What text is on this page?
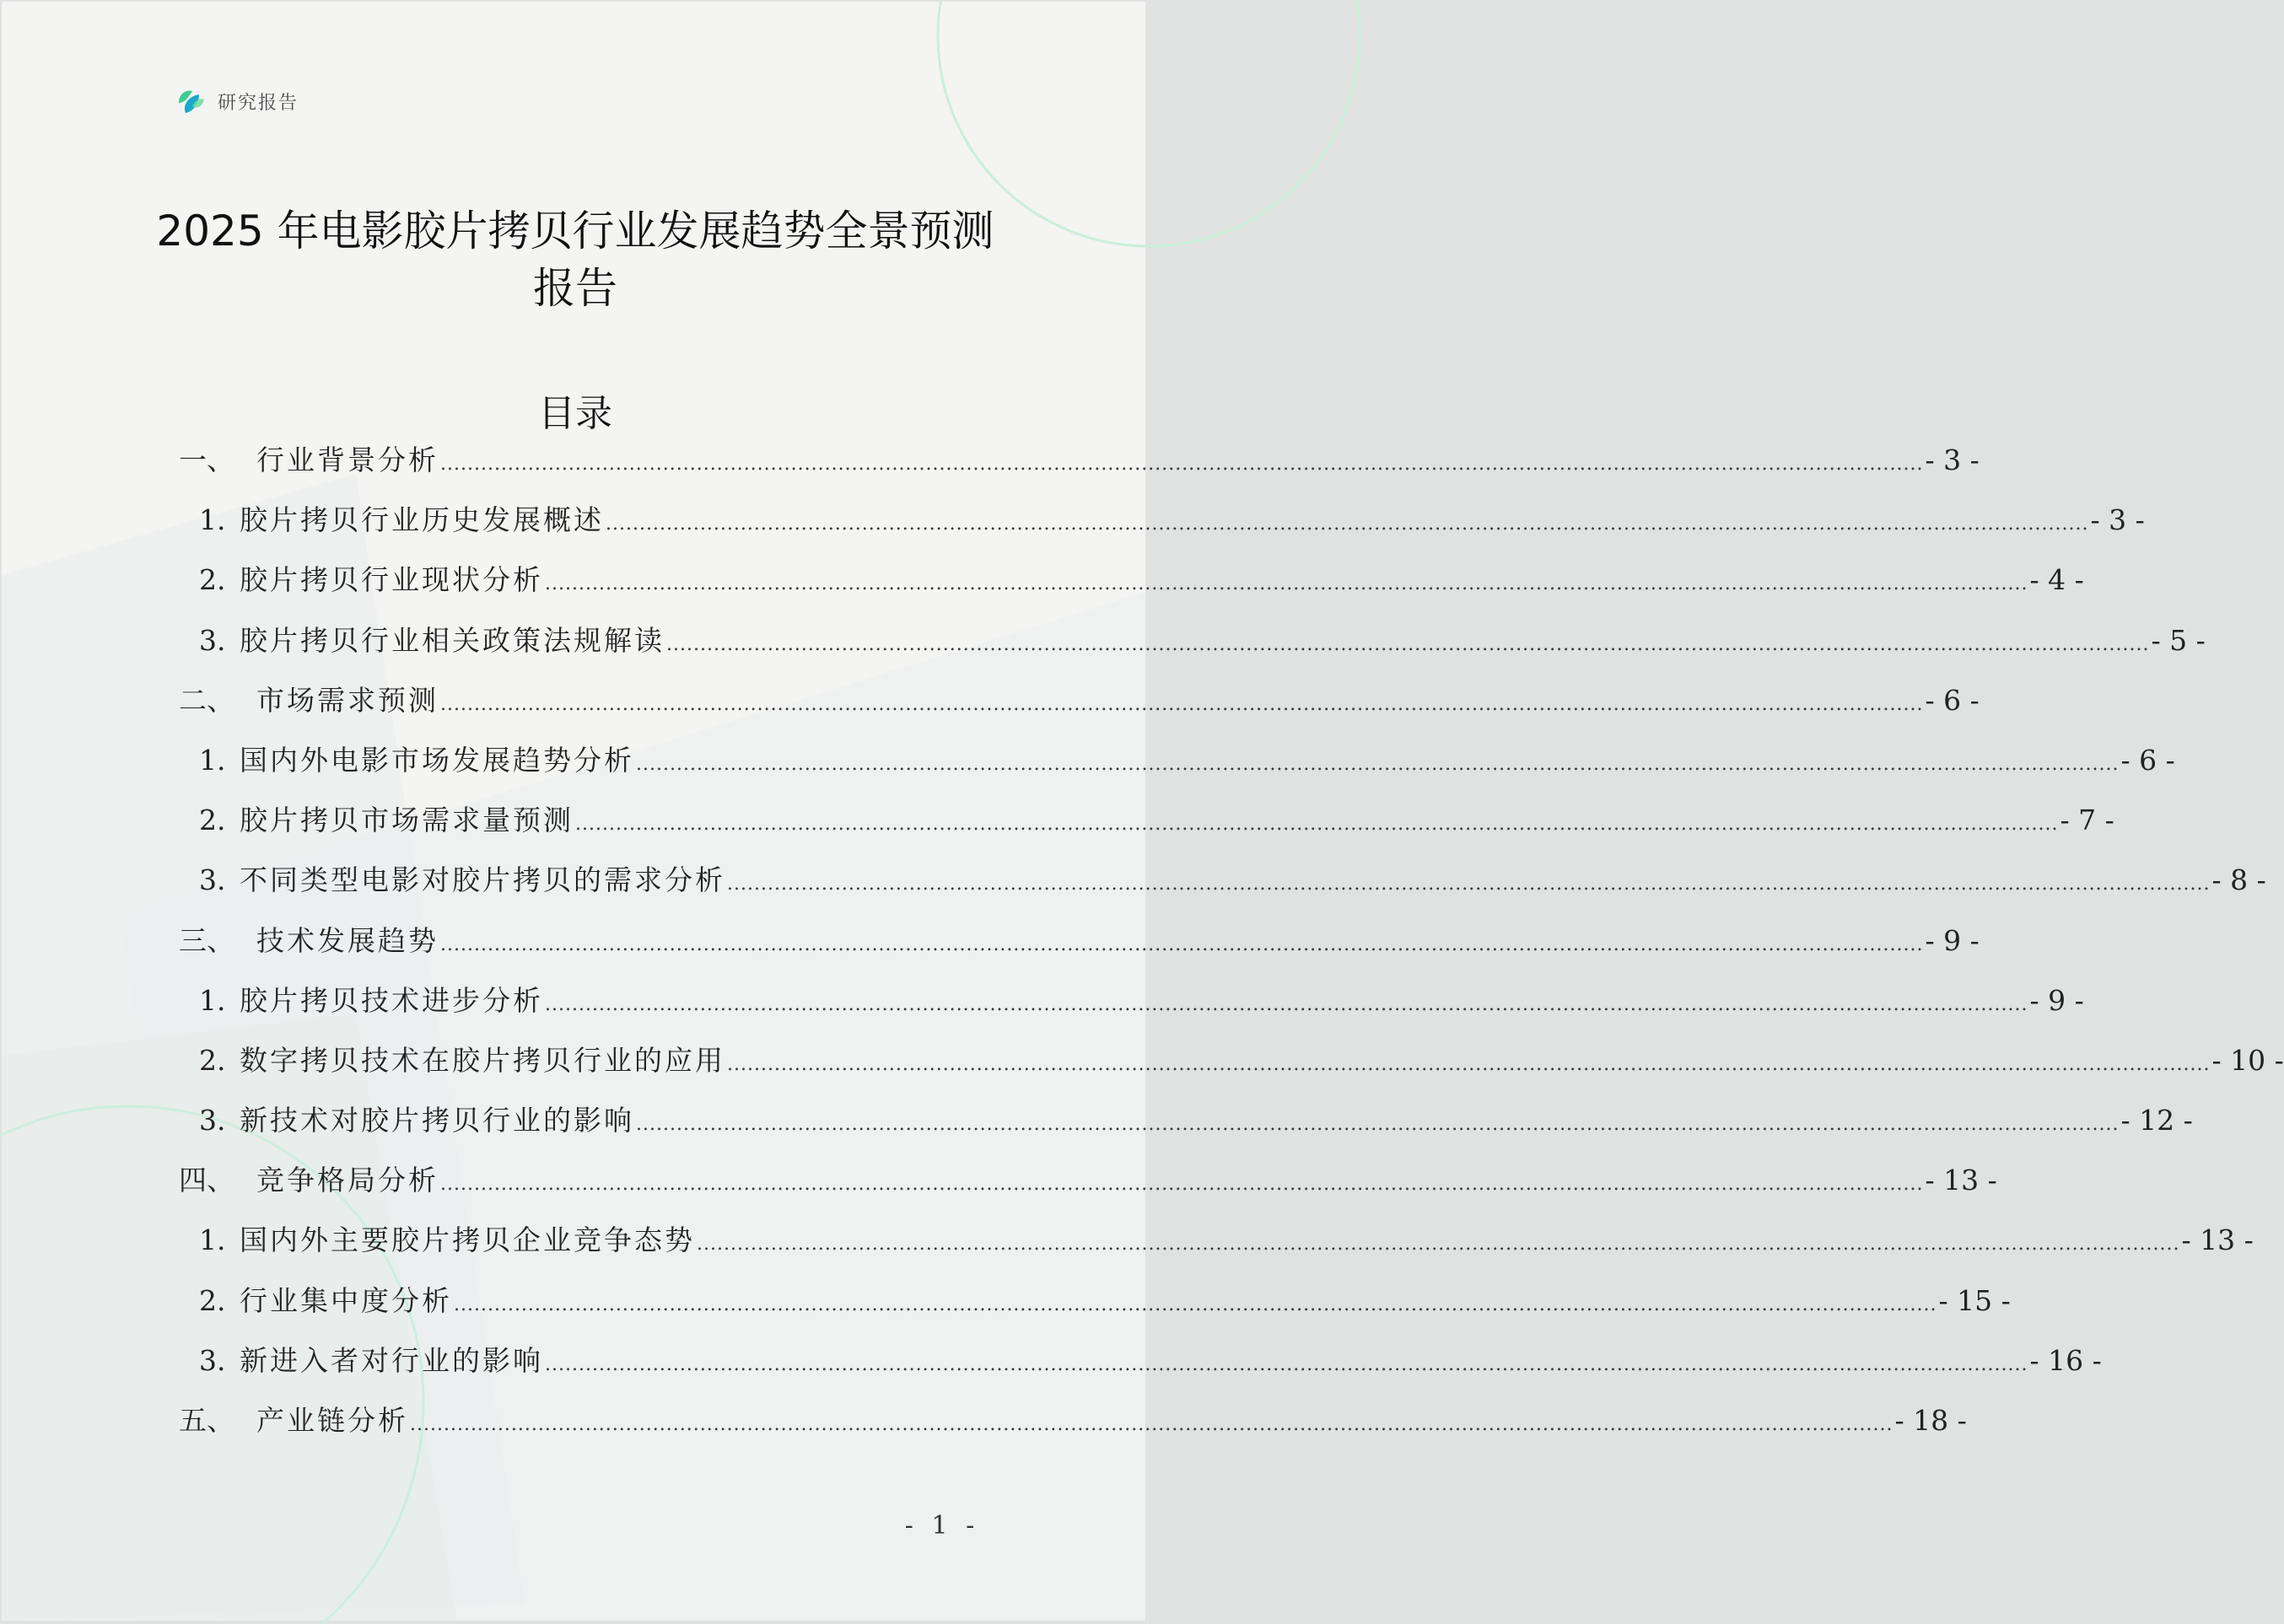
研究报告
2025 年电影胶片拷贝行业发展趋势全景预测报告
目录
一、 行业背景分析 ............................................................................................................................................................................................................................ - 3 -
1. 胶片拷贝行业历史发展概述 ............................................................................................................................................................................................................................ - 3 -
2. 胶片拷贝行业现状分析 ............................................................................................................................................................................................................................ - 4 -
3. 胶片拷贝行业相关政策法规解读 ............................................................................................................................................................................................................................ - 5 -
二、 市场需求预测 ............................................................................................................................................................................................................................ - 6 -
1. 国内外电影市场发展趋势分析 ............................................................................................................................................................................................................................ - 6 -
2. 胶片拷贝市场需求量预测 ............................................................................................................................................................................................................................ - 7 -
3. 不同类型电影对胶片拷贝的需求分析 ............................................................................................................................................................................................................................ - 8 -
三、 技术发展趋势 ............................................................................................................................................................................................................................ - 9 -
1. 胶片拷贝技术进步分析 ............................................................................................................................................................................................................................ - 9 -
2. 数字拷贝技术在胶片拷贝行业的应用 ............................................................................................................................................................................................................................ - 10 -
3. 新技术对胶片拷贝行业的影响 ............................................................................................................................................................................................................................ - 12 -
四、 竞争格局分析 ............................................................................................................................................................................................................................ - 13 -
1. 国内外主要胶片拷贝企业竞争态势 ............................................................................................................................................................................................................................ - 13 -
2. 行业集中度分析 ............................................................................................................................................................................................................................ - 15 -
3. 新进入者对行业的影响 ............................................................................................................................................................................................................................ - 16 -
五、 产业链分析 ............................................................................................................................................................................................................................ - 18 -
- 1 -
